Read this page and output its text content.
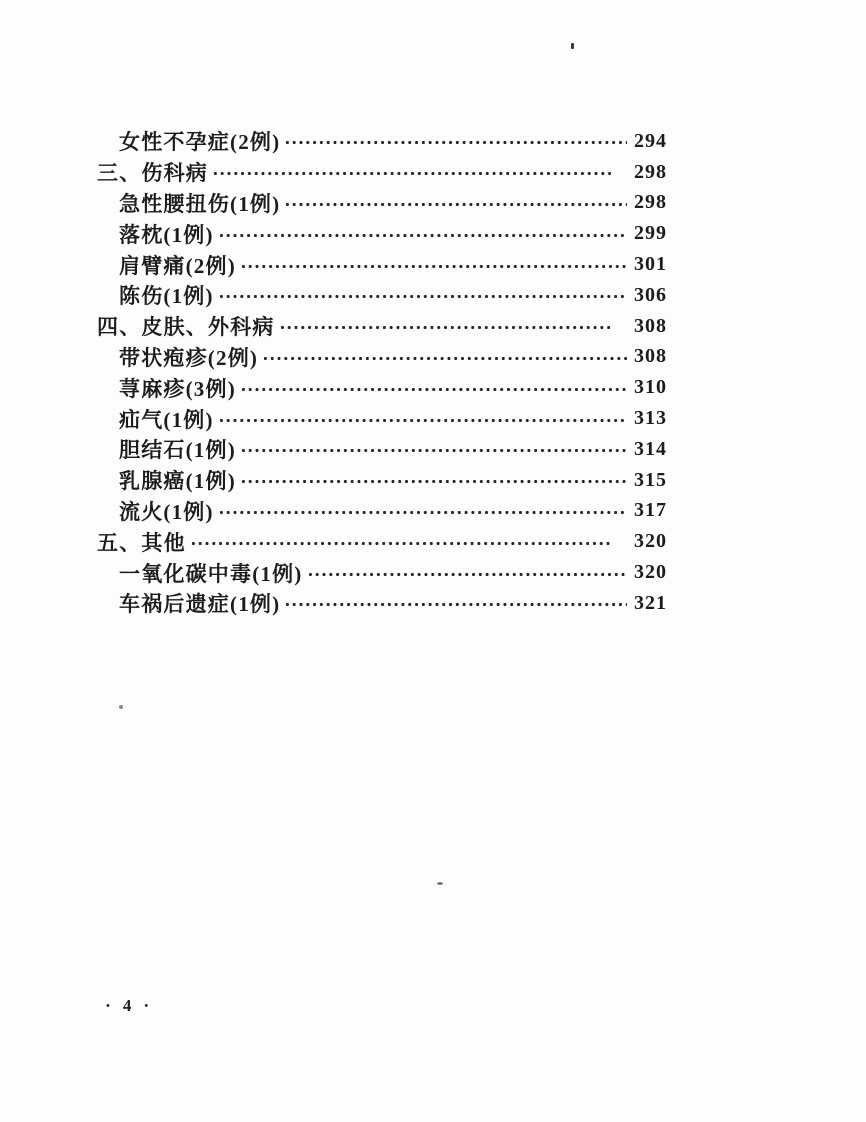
女性不孕症(2例)	294
三、伤科病	298
急性腰扭伤(1例)	298
落枕(1例)	299
肩臂痛(2例)	301
陈伤(1例)	306
四、皮肤、外科病	308
带状疱疹(2例)	308
荨麻疹(3例)	310
疝气(1例)	313
胆结石(1例)	314
乳腺癌(1例)	315
流火(1例)	317
五、其他	320
一氧化碳中毒(1例)	320
车祸后遗症(1例)	321
• 4 •
